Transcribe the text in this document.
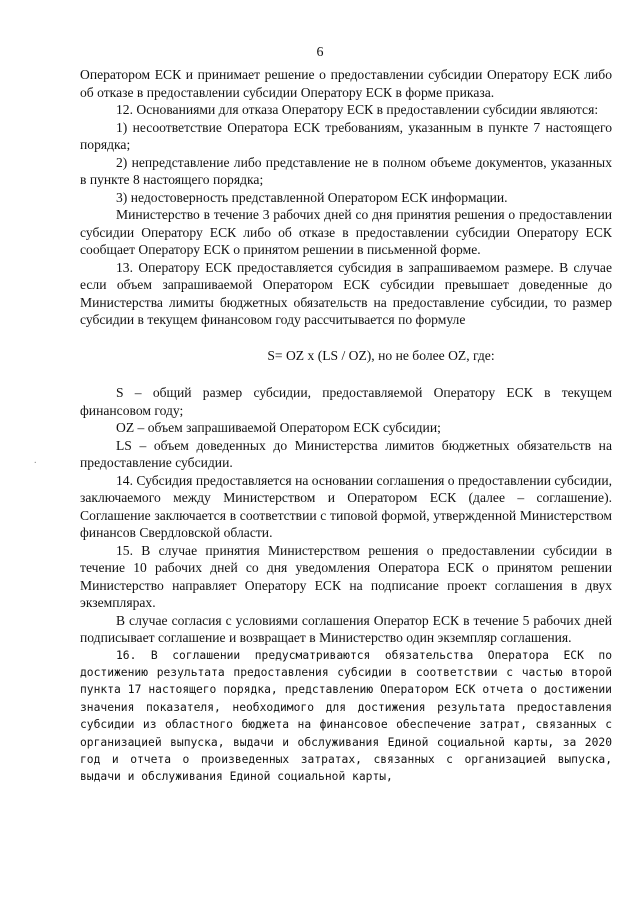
6
.

Оператором ЕСК и принимает решение о предоставлении субсидии Оператору ЕСК либо об отказе в предоставлении субсидии Оператору ЕСК в форме приказа.

12. Основаниями для отказа Оператору ЕСК в предоставлении субсидии являются:

1) несоответствие Оператора ЕСК требованиям, указанным в пункте 7 настоящего порядка;

2) непредставление либо представление не в полном объеме документов, указанных в пункте 8 настоящего порядка;

3) недостоверность представленной Оператором ЕСК информации.

Министерство в течение 3 рабочих дней со дня принятия решения о предоставлении субсидии Оператору ЕСК либо об отказе в предоставлении субсидии Оператору ЕСК сообщает Оператору ЕСК о принятом решении в письменной форме.

13. Оператору ЕСК предоставляется субсидия в запрашиваемом размере. В случае если объем запрашиваемой Оператором ЕСК субсидии превышает доведенные до Министерства лимиты бюджетных обязательств на предоставление субсидии, то размер субсидии в текущем финансовом году рассчитывается по формуле

S= OZ x (LS / OZ), но не более OZ, где:

S – общий размер субсидии, предоставляемой Оператору ЕСК в текущем финансовом году;

OZ – объем запрашиваемой Оператором ЕСК субсидии;

LS – объем доведенных до Министерства лимитов бюджетных обязательств на предоставление субсидии.

14. Субсидия предоставляется на основании соглашения о предоставлении субсидии, заключаемого между Министерством и Оператором ЕСК (далее – соглашение). Соглашение заключается в соответствии с типовой формой, утвержденной Министерством финансов Свердловской области.

15. В случае принятия Министерством решения о предоставлении субсидии в течение 10 рабочих дней со дня уведомления Оператора ЕСК о принятом решении Министерство направляет Оператору ЕСК на подписание проект соглашения в двух экземплярах.

В случае согласия с условиями соглашения Оператор ЕСК в течение 5 рабочих дней подписывает соглашение и возвращает в Министерство один экземпляр соглашения.

16. В соглашении предусматриваются обязательства Оператора ЕСК по достижению результата предоставления субсидии в соответствии с частью второй пункта 17 настоящего порядка, представлению Оператором ЕСК отчета о достижении значения показателя, необходимого для достижения результата предоставления субсидии из областного бюджета на финансовое обеспечение затрат, связанных с организацией выпуска, выдачи и обслуживания Единой социальной карты, за 2020 год и отчета о произведенных затратах, связанных с организацией выпуска, выдачи и обслуживания Единой социальной карты,
